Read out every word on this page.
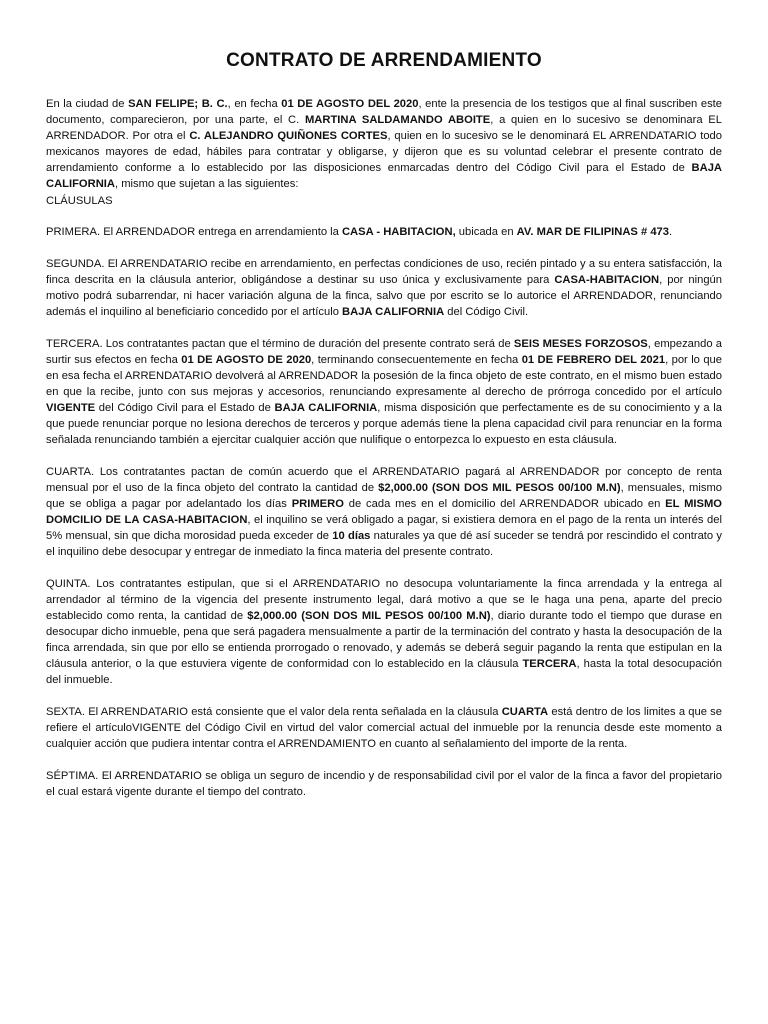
CONTRATO DE ARRENDAMIENTO

En la ciudad de SAN FELIPE; B. C., en fecha 01 DE AGOSTO DEL 2020, ente la presencia de los testigos que al final suscriben este documento, comparecieron, por una parte, el C. MARTINA SALDAMANDO ABOITE, a quien en lo sucesivo se denominara EL ARRENDADOR. Por otra el C. ALEJANDRO QUIÑONES CORTES, quien en lo sucesivo se le denominará EL ARRENDATARIO todo mexicanos mayores de edad, hábiles para contratar y obligarse, y dijeron que es su voluntad celebrar el presente contrato de arrendamiento conforme a lo establecido por las disposiciones enmarcadas dentro del Código Civil para el Estado de BAJA CALIFORNIA, mismo que sujetan a las siguientes:

CLÁUSULAS

PRIMERA. El ARRENDADOR entrega en arrendamiento la CASA - HABITACION, ubicada en AV. MAR DE FILIPINAS # 473.

SEGUNDA. El ARRENDATARIO recibe en arrendamiento, en perfectas condiciones de uso, recién pintado y a su entera satisfacción, la finca descrita en la cláusula anterior, obligándose a destinar su uso única y exclusivamente para CASA-HABITACION, por ningún motivo podrá subarrendar, ni hacer variación alguna de la finca, salvo que por escrito se lo autorice el ARRENDADOR, renunciando además el inquilino al beneficiario concedido por el artículo BAJA CALIFORNIA del Código Civil.

TERCERA. Los contratantes pactan que el término de duración del presente contrato será de SEIS MESES FORZOSOS, empezando a surtir sus efectos en fecha 01 DE AGOSTO DE 2020, terminando consecuentemente en fecha 01 DE FEBRERO DEL 2021, por lo que en esa fecha el ARRENDATARIO devolverá al ARRENDADOR la posesión de la finca objeto de este contrato, en el mismo buen estado en que la recibe, junto con sus mejoras y accesorios, renunciando expresamente al derecho de prórroga concedido por el artículo VIGENTE del Código Civil para el Estado de BAJA CALIFORNIA, misma disposición que perfectamente es de su conocimiento y a la que puede renunciar porque no lesiona derechos de terceros y porque además tiene la plena capacidad civil para renunciar en la forma señalada renunciando también a ejercitar cualquier acción que nulifique o entorpezca lo expuesto en esta cláusula.

CUARTA. Los contratantes pactan de común acuerdo que el ARRENDATARIO pagará al ARRENDADOR por concepto de renta mensual por el uso de la finca objeto del contrato la cantidad de $2,000.00 (SON DOS MIL PESOS 00/100 M.N), mensuales, mismo que se obliga a pagar por adelantado los días PRIMERO de cada mes en el domicilio del ARRENDADOR ubicado en EL MISMO DOMCILIO DE LA CASA-HABITACION, el inquilino se verá obligado a pagar, si existiera demora en el pago de la renta un interés del 5% mensual, sin que dicha morosidad pueda exceder de 10 días naturales ya que dé así suceder se tendrá por rescindido el contrato y el inquilino debe desocupar y entregar de inmediato la finca materia del presente contrato.

QUINTA. Los contratantes estipulan, que si el ARRENDATARIO no desocupa voluntariamente la finca arrendada y la entrega al arrendador al término de la vigencia del presente instrumento legal, dará motivo a que se le haga una pena, aparte del precio establecido como renta, la cantidad de $2,000.00 (SON DOS MIL PESOS 00/100 M.N), diario durante todo el tiempo que durase en desocupar dicho inmueble, pena que será pagadera mensualmente a partir de la terminación del contrato y hasta la desocupación de la finca arrendada, sin que por ello se entienda prorrogado o renovado, y además se deberá seguir pagando la renta que estipulan en la cláusula anterior, o la que estuviera vigente de conformidad con lo establecido en la cláusula TERCERA, hasta la total desocupación del inmueble.

SEXTA. El ARRENDATARIO está consiente que el valor dela renta señalada en la cláusula CUARTA está dentro de los limites a que se refiere el artículoVIGENTE del Código Civil en virtud del valor comercial actual del inmueble por la renuncia desde este momento a cualquier acción que pudiera intentar contra el ARRENDAMIENTO en cuanto al señalamiento del importe de la renta.

SÉPTIMA. El ARRENDATARIO se obliga un seguro de incendio y de responsabilidad civil por el valor de la finca a favor del propietario el cual estará vigente durante el tiempo del contrato.
